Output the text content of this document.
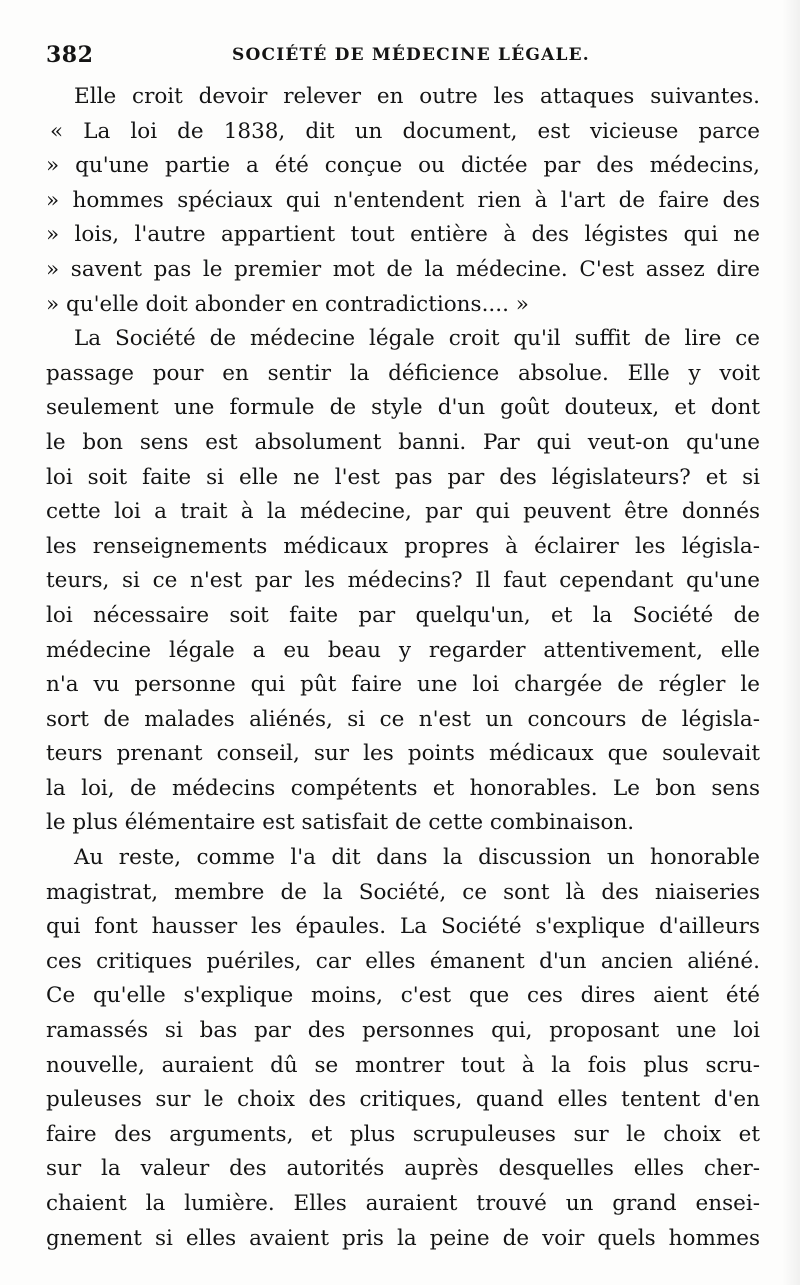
382	SOCIÉTÉ DE MÉDECINE LÉGALE.
Elle croit devoir relever en outre les attaques suivantes.
« La loi de 1838, dit un document, est vicieuse parce
» qu'une partie a été conçue ou dictée par des médecins,
» hommes spéciaux qui n'entendent rien à l'art de faire des
» lois, l'autre appartient tout entière à des légistes qui ne
» savent pas le premier mot de la médecine. C'est assez dire
» qu'elle doit abonder en contradictions.... »
La Société de médecine légale croit qu'il suffit de lire ce
passage pour en sentir la déficience absolue. Elle y voit
seulement une formule de style d'un goût douteux, et dont
le bon sens est absolument banni. Par qui veut-on qu'une
loi soit faite si elle ne l'est pas par des législateurs? et si
cette loi a trait à la médecine, par qui peuvent être donnés
les renseignements médicaux propres à éclairer les législa-
teurs, si ce n'est par les médecins? Il faut cependant qu'une
loi nécessaire soit faite par quelqu'un, et la Société de
médecine légale a eu beau y regarder attentivement, elle
n'a vu personne qui pût faire une loi chargée de régler le
sort de malades aliénés, si ce n'est un concours de législa-
teurs prenant conseil, sur les points médicaux que soulevait
la loi, de médecins compétents et honorables. Le bon sens
le plus élémentaire est satisfait de cette combinaison.
Au reste, comme l'a dit dans la discussion un honorable
magistrat, membre de la Société, ce sont là des niaiseries
qui font hausser les épaules. La Société s'explique d'ailleurs
ces critiques puériles, car elles émanent d'un ancien aliéné.
Ce qu'elle s'explique moins, c'est que ces dires aient été
ramassés si bas par des personnes qui, proposant une loi
nouvelle, auraient dû se montrer tout à la fois plus scru-
puleuses sur le choix des critiques, quand elles tentent d'en
faire des arguments, et plus scrupuleuses sur le choix et
sur la valeur des autorités auprès desquelles elles cher-
chaient la lumière. Elles auraient trouvé un grand ensei-
gnement si elles avaient pris la peine de voir quels hommes
